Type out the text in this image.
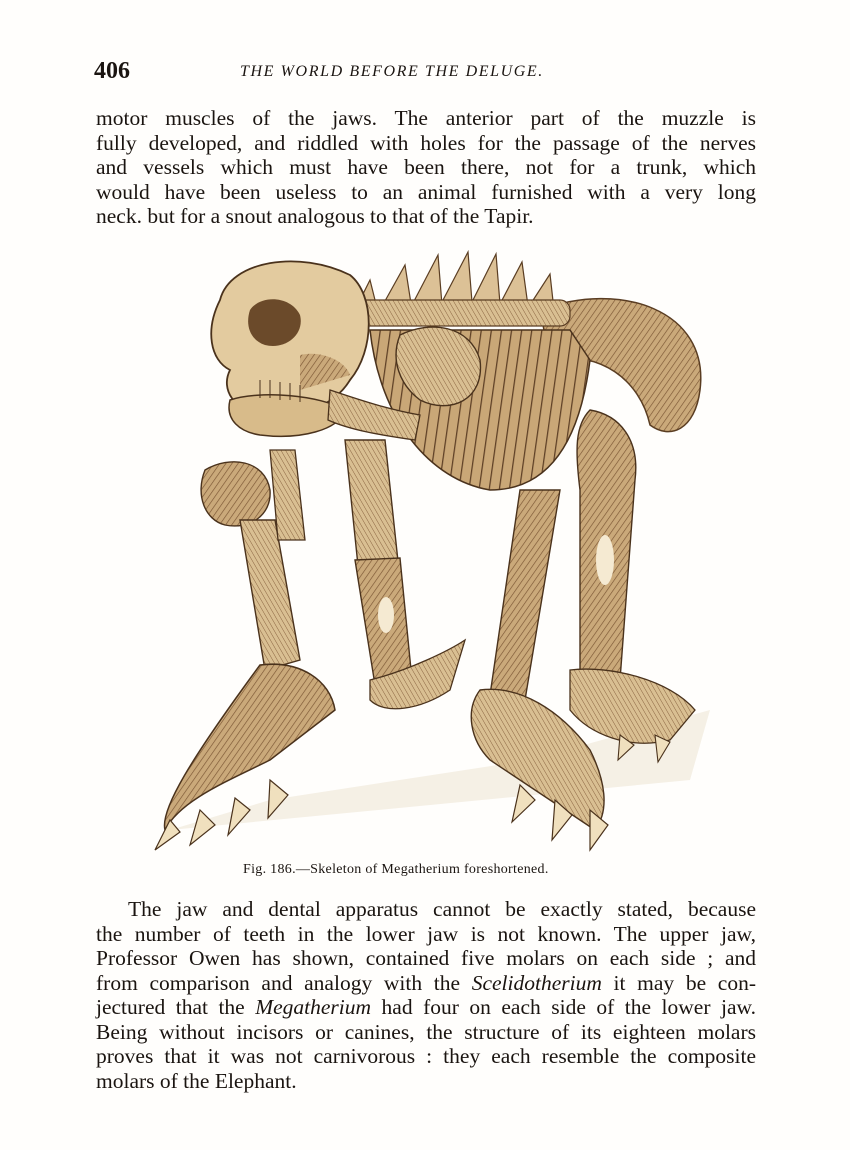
406	THE WORLD BEFORE THE DELUGE.
motor muscles of the jaws. The anterior part of the muzzle is
fully developed, and riddled with holes for the passage of the nerves
and vessels which must have been there, not for a trunk, which
would have been useless to an animal furnished with a very long
neck. but for a snout analogous to that of the Tapir.
Fig. 186.—Skeleton of Megatherium foreshortened.
The jaw and dental apparatus cannot be exactly stated, because
the number of teeth in the lower jaw is not known. The upper jaw,
Professor Owen has shown, contained five molars on each side ; and
from comparison and analogy with the Scelidotherium it may be con-
jectured that the Megatherium had four on each side of the lower jaw.
Being without incisors or canines, the structure of its eighteen molars
proves that it was not carnivorous : they each resemble the composite
molars of the Elephant.
